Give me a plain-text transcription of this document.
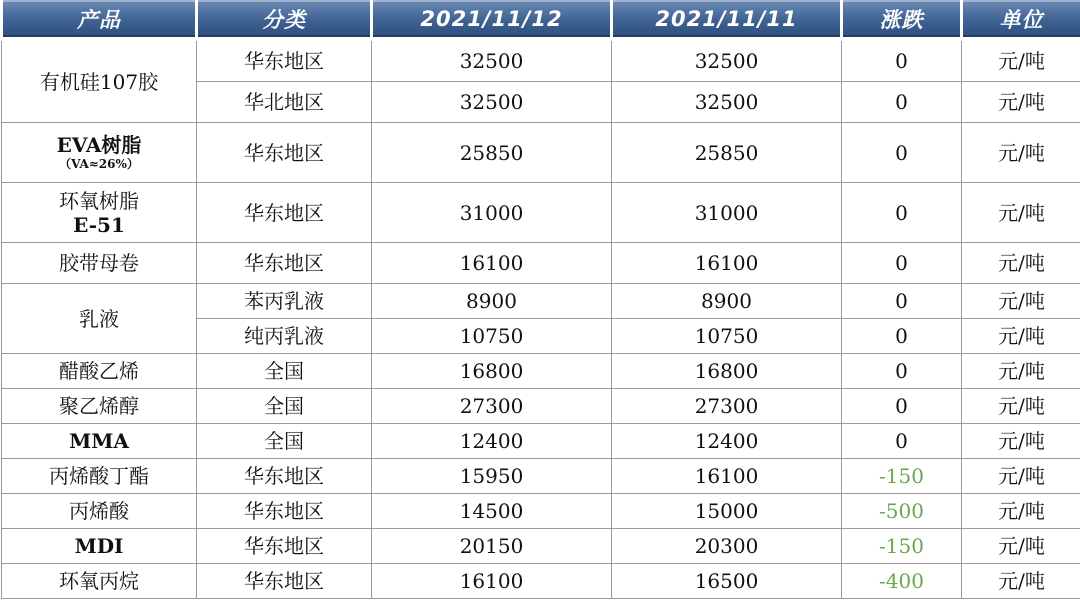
产品	分类	2021/11/12	2021/11/11	涨跌	单位
有机硅107胶	华东地区	32500	32500	0	元/吨
	华北地区	32500	32500	0	元/吨
EVA树脂
（VA≈26%）	华东地区	25850	25850	0	元/吨
环氧树脂
E-51	华东地区	31000	31000	0	元/吨
胶带母卷	华东地区	16100	16100	0	元/吨
乳液	苯丙乳液	8900	8900	0	元/吨
	纯丙乳液	10750	10750	0	元/吨
醋酸乙烯	全国	16800	16800	0	元/吨
聚乙烯醇	全国	27300	27300	0	元/吨
MMA	全国	12400	12400	0	元/吨
丙烯酸丁酯	华东地区	15950	16100	-150	元/吨
丙烯酸	华东地区	14500	15000	-500	元/吨
MDI	华东地区	20150	20300	-150	元/吨
环氧丙烷	华东地区	16100	16500	-400	元/吨
